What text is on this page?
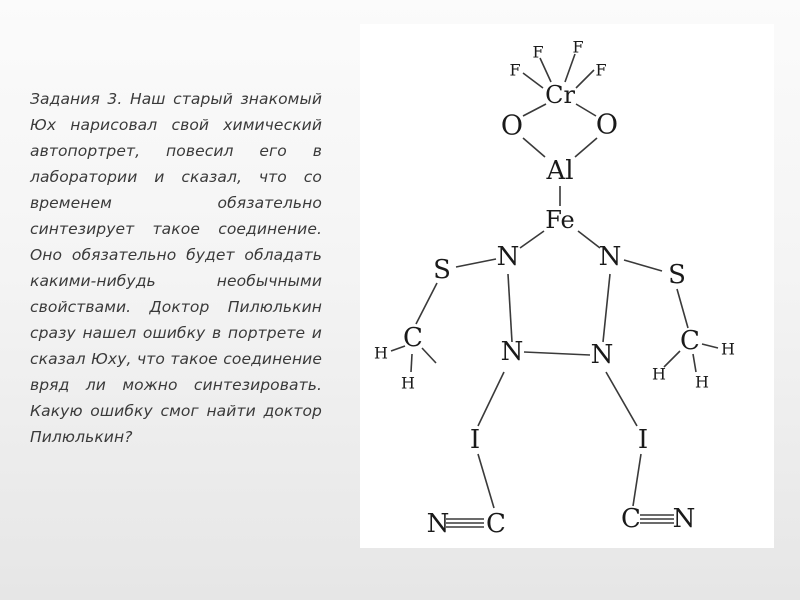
Задания 3. Наш старый знакомый Юх нарисовал свой химический автопортрет, повесил его в лаборатории и сказал, что со временем обязательно синтезирует такое соединение. Оно обязательно будет обладать какими-нибудь необычными свойствами. Доктор Пилюлькин сразу нашел ошибку в портрете и сказал Юху, что такое соединение вряд ли можно синтезировать. Какую ошибку смог найти доктор Пилюлькин?

F
F F
F
Cr
O	O
Al
Fe
N	N
S	S
C	C
H
H	H H
H
N	N
I	I
N C	C N
